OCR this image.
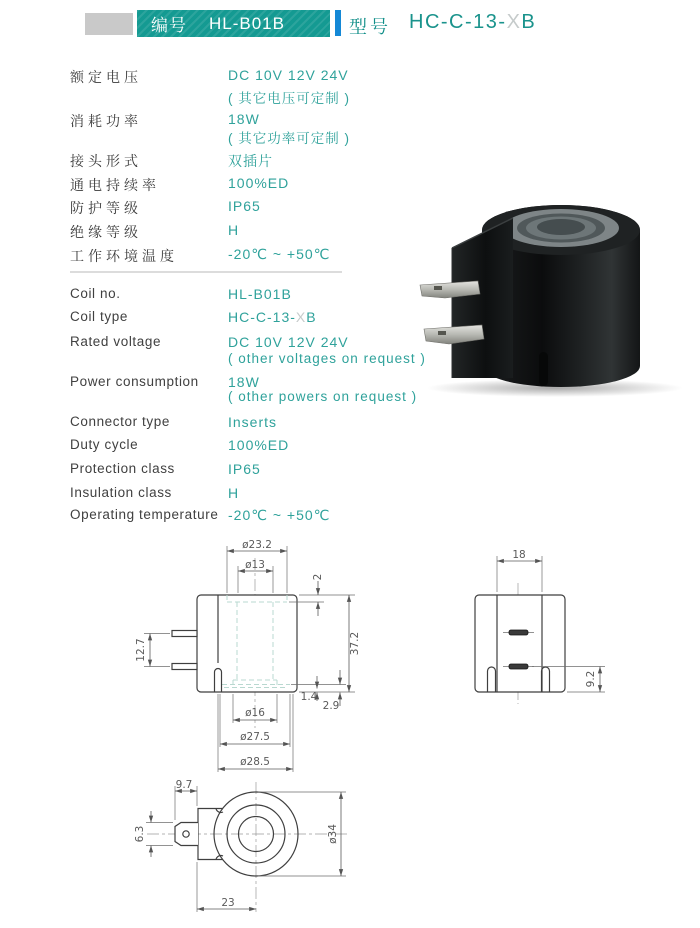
编号 HL-B01B	型号 HC-C-13-XB
额定电压	DC 10V 12V 24V
( 其它电压可定制 )
消耗功率	18W
( 其它功率可定制 )
接头形式	双插片
通电持续率	100%ED
防护等级	IP65
绝缘等级	H
工作环境温度	-20℃ ~ +50℃
Coil no.	HL-B01B
Coil type	HC-C-13-XB
Rated voltage	DC 10V 12V 24V
( other voltages on request )
Power consumption 18W
( other powers on request )
Connector type	Inserts
Duty cycle	100%ED
Protection class	IP65
Insulation class	H
Operating temperature -20℃ ~ +50℃
ø23.2
ø13
2
37.2
12.7
1.4
2.9
ø16
ø27.5
ø28.5
18
9.2
9.7
6.3	ø34
23
